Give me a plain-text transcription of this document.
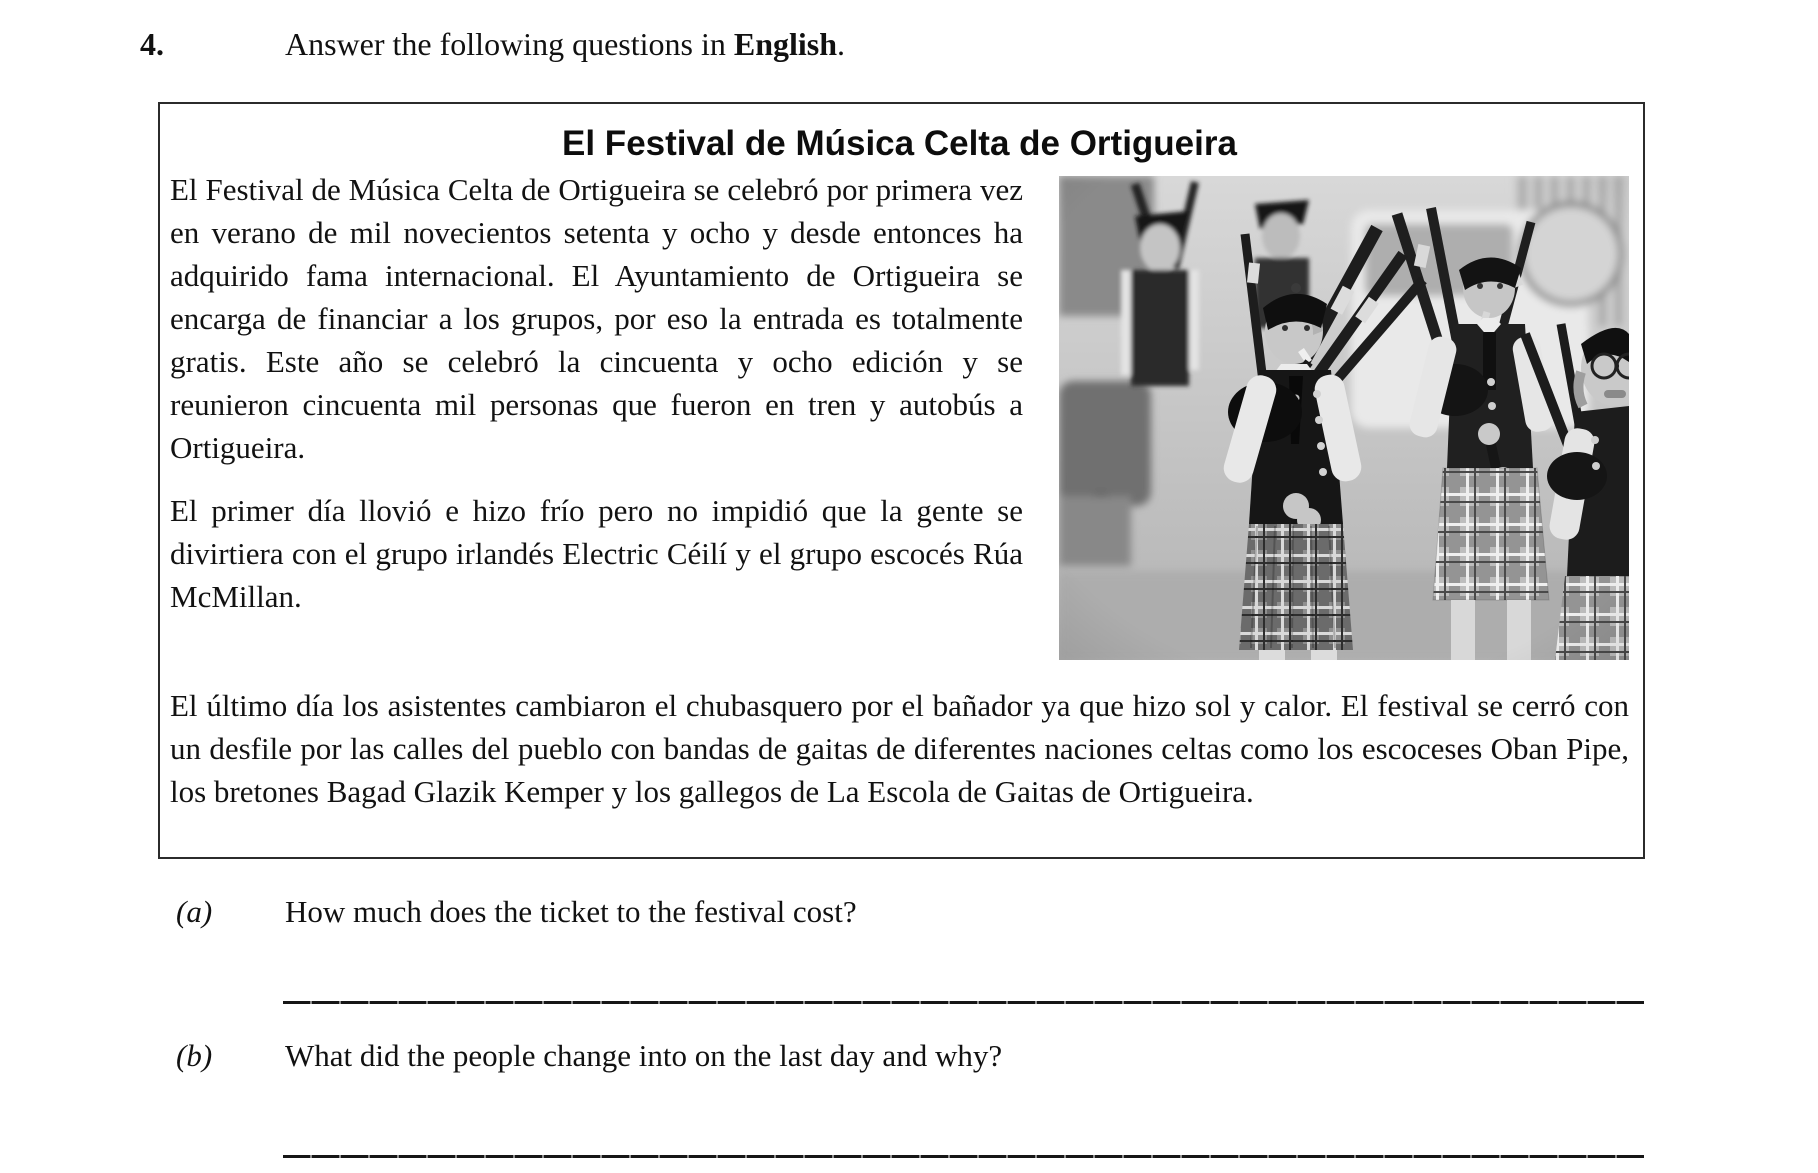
4.	Answer the following questions in English.
El Festival de Música Celta de Ortigueira

El Festival de Música Celta de Ortigueira se celebró por primera vez en verano de mil novecientos setenta y ocho y desde entonces ha adquirido fama internacional. El Ayuntamiento de Ortigueira se encarga de financiar a los grupos, por eso la entrada es totalmente gratis. Este año se celebró la cincuenta y ocho edición y se reunieron cincuenta mil personas que fueron en tren y autobús a Ortigueira.

El primer día llovió e hizo frío pero no impidió que la gente se divirtiera con el grupo irlandés Electric Céilí y el grupo escocés Rúa McMillan.

El último día los asistentes cambiaron el chubasquero por el bañador ya que hizo sol y calor. El festival se cerró con un desfile por las calles del pueblo con bandas de gaitas de diferentes naciones celtas como los escoceses Oban Pipe, los bretones Bagad Glazik Kemper y los gallegos de La Escola de Gaitas de Ortigueira.

(a) How much does the ticket to the festival cost?
(b) What did the people change into on the last day and why?
